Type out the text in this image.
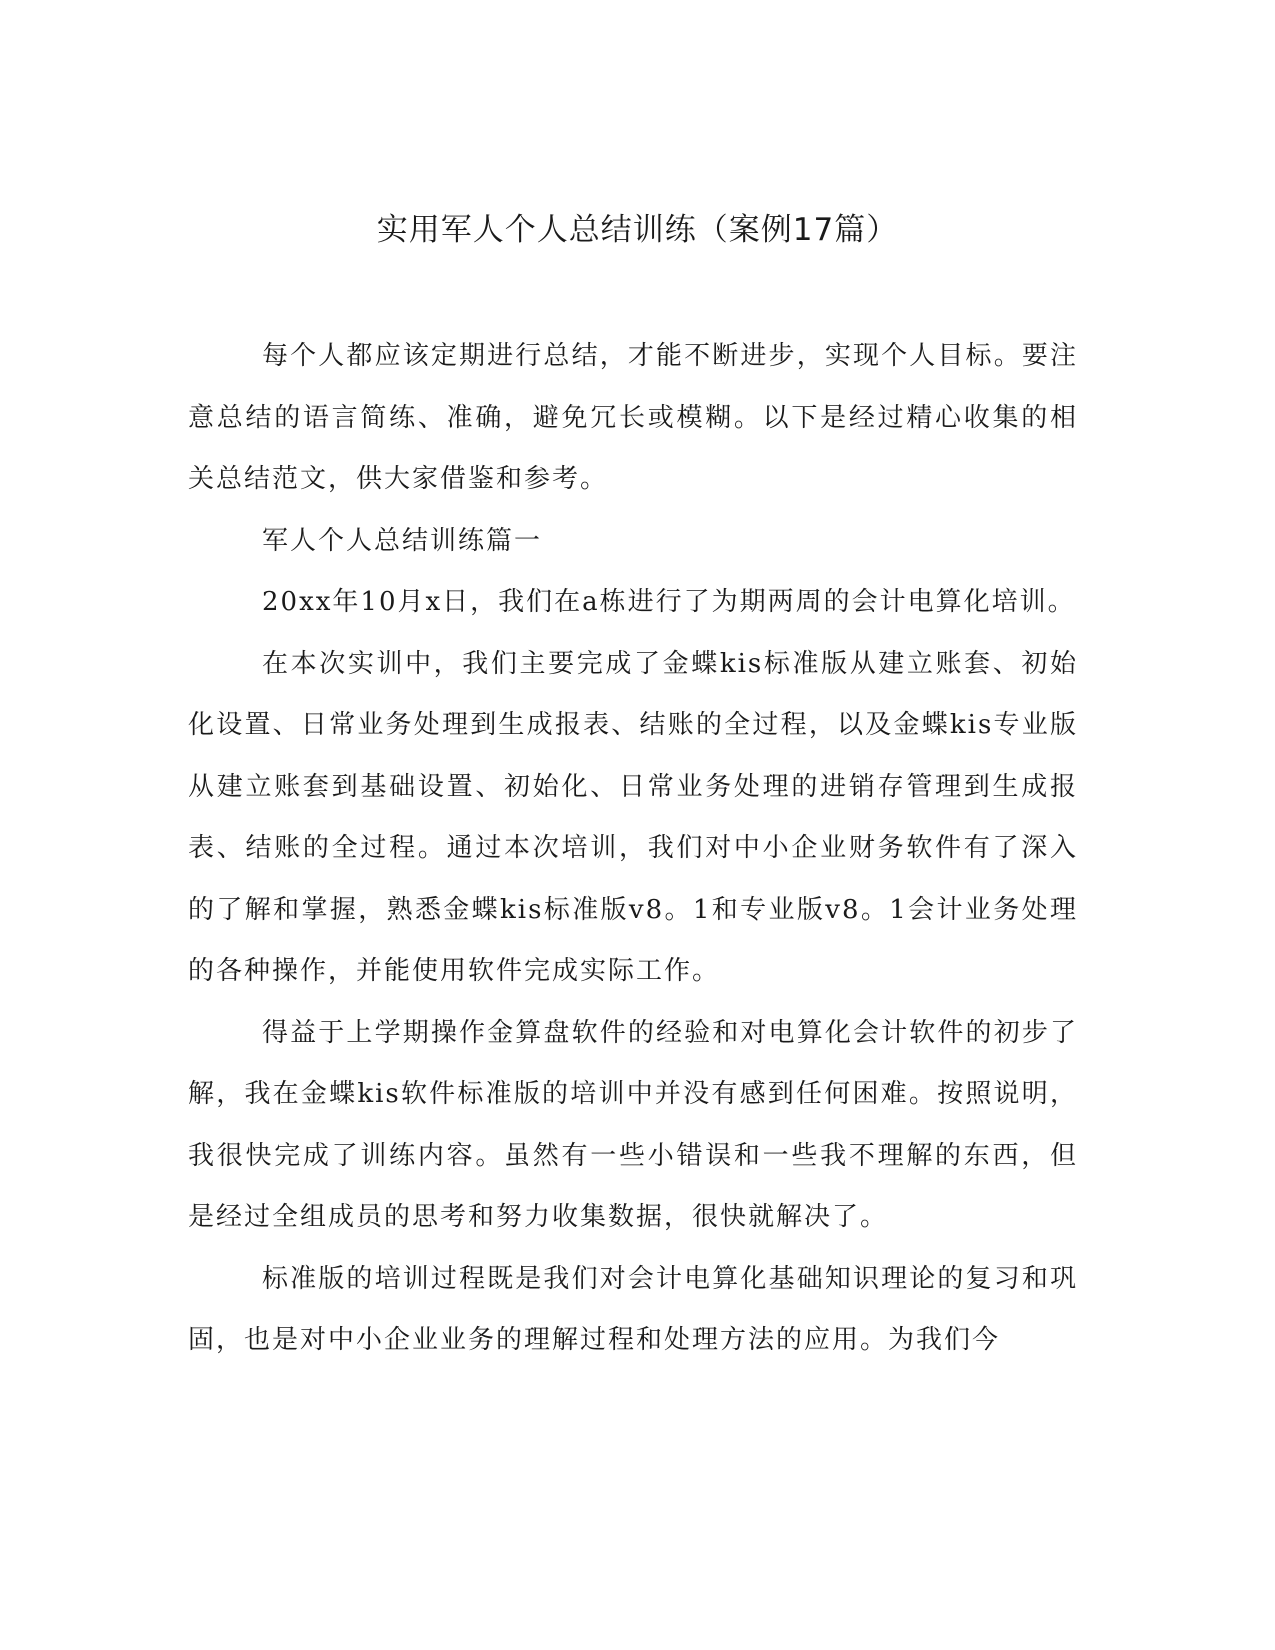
实用军人个人总结训练（案例17篇）

每个人都应该定期进行总结，才能不断进步，实现个人目标。要注意总结的语言简练、准确，避免冗长或模糊。以下是经过精心收集的相关总结范文，供大家借鉴和参考。

军人个人总结训练篇一

20xx年10月x日，我们在a栋进行了为期两周的会计电算化培训。

在本次实训中，我们主要完成了金蝶kis标准版从建立账套、初始化设置、日常业务处理到生成报表、结账的全过程，以及金蝶kis专业版从建立账套到基础设置、初始化、日常业务处理的进销存管理到生成报表、结账的全过程。通过本次培训，我们对中小企业财务软件有了深入的了解和掌握，熟悉金蝶kis标准版v8。1和专业版v8。1会计业务处理的各种操作，并能使用软件完成实际工作。

得益于上学期操作金算盘软件的经验和对电算化会计软件的初步了解，我在金蝶kis软件标准版的培训中并没有感到任何困难。按照说明，我很快完成了训练内容。虽然有一些小错误和一些我不理解的东西，但是经过全组成员的思考和努力收集数据，很快就解决了。

标准版的培训过程既是我们对会计电算化基础知识理论的复习和巩固，也是对中小企业业务的理解过程和处理方法的应用。为我们今
